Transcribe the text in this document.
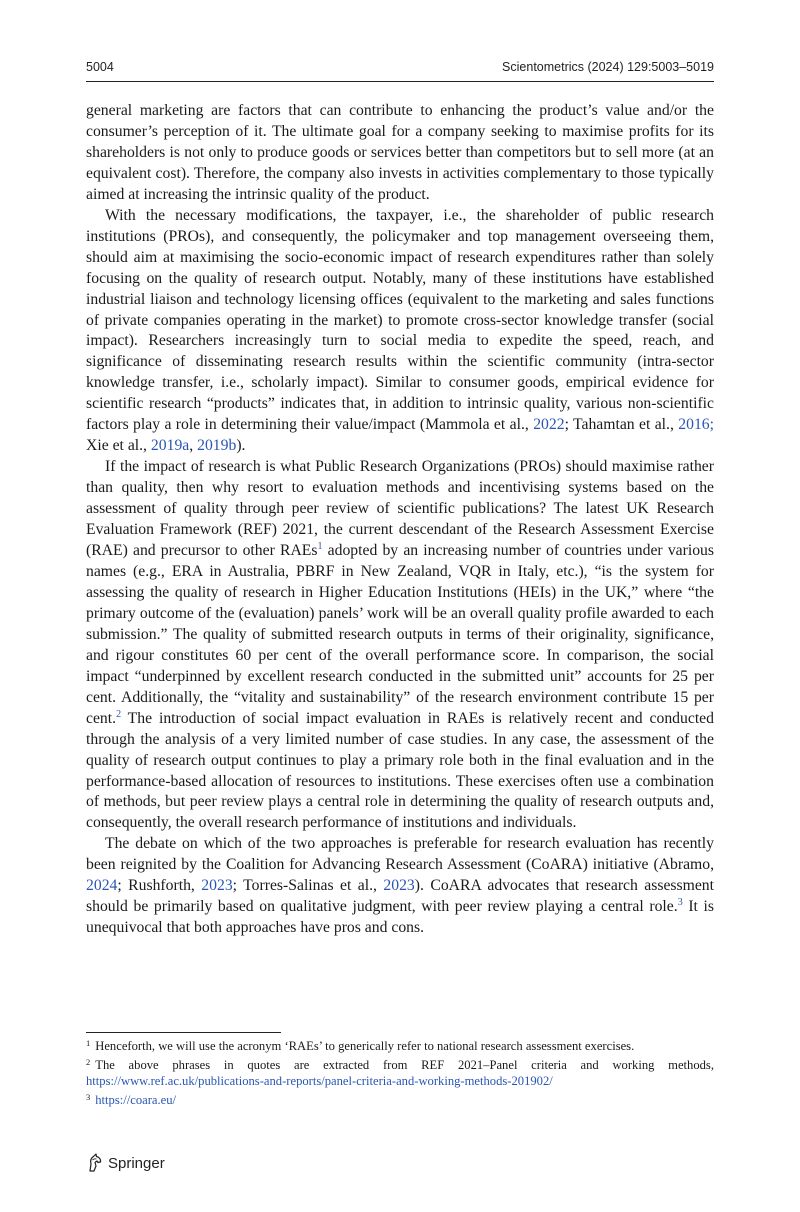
5004	Scientometrics (2024) 129:5003–5019

general marketing are factors that can contribute to enhancing the product’s value and/or the consumer’s perception of it. The ultimate goal for a company seeking to maximise profits for its shareholders is not only to produce goods or services better than competitors but to sell more (at an equivalent cost). Therefore, the company also invests in activities complementary to those typically aimed at increasing the intrinsic quality of the product.

With the necessary modifications, the taxpayer, i.e., the shareholder of public research institutions (PROs), and consequently, the policymaker and top management overseeing them, should aim at maximising the socio-economic impact of research expenditures rather than solely focusing on the quality of research output. Notably, many of these institutions have established industrial liaison and technology licensing offices (equivalent to the marketing and sales functions of private companies operating in the market) to promote cross-sector knowledge transfer (social impact). Researchers increasingly turn to social media to expedite the speed, reach, and significance of disseminating research results within the scientific community (intra-sector knowledge transfer, i.e., scholarly impact). Similar to consumer goods, empirical evidence for scientific research “products” indicates that, in addition to intrinsic quality, various non-scientific factors play a role in determining their value/impact (Mammola et al., 2022; Tahamtan et al., 2016; Xie et al., 2019a, 2019b).

If the impact of research is what Public Research Organizations (PROs) should maximise rather than quality, then why resort to evaluation methods and incentivising systems based on the assessment of quality through peer review of scientific publications? The latest UK Research Evaluation Framework (REF) 2021, the current descendant of the Research Assessment Exercise (RAE) and precursor to other RAEs$^1$ adopted by an increasing number of countries under various names (e.g., ERA in Australia, PBRF in New Zealand, VQR in Italy, etc.), “is the system for assessing the quality of research in Higher Education Institutions (HEIs) in the UK,” where “the primary outcome of the (evaluation) panels’ work will be an overall quality profile awarded to each submission.” The quality of submitted research outputs in terms of their originality, significance, and rigour constitutes 60 per cent of the overall performance score. In comparison, the social impact “underpinned by excellent research conducted in the submitted unit” accounts for 25 per cent. Additionally, the “vitality and sustainability” of the research environment contribute 15 per cent.$^2$ The introduction of social impact evaluation in RAEs is relatively recent and conducted through the analysis of a very limited number of case studies. In any case, the assessment of the quality of research output continues to play a primary role both in the final evaluation and in the performance-based allocation of resources to institutions. These exercises often use a combination of methods, but peer review plays a central role in determining the quality of research outputs and, consequently, the overall research performance of institutions and individuals.

The debate on which of the two approaches is preferable for research evaluation has recently been reignited by the Coalition for Advancing Research Assessment (CoARA) initiative (Abramo, 2024; Rushforth, 2023; Torres-Salinas et al., 2023). CoARA advocates that research assessment should be primarily based on qualitative judgment, with peer review playing a central role.$^3$ It is unequivocal that both approaches have pros and cons.

$^1$ Henceforth, we will use the acronym ‘RAEs’ to generically refer to national research assessment exercises.

$^2$ The above phrases in quotes are extracted from REF 2021–Panel criteria and working methods, https://www.ref.ac.uk/publications-and-reports/panel-criteria-and-working-methods-201902/

$^3$ https://coara.eu/

Springer
